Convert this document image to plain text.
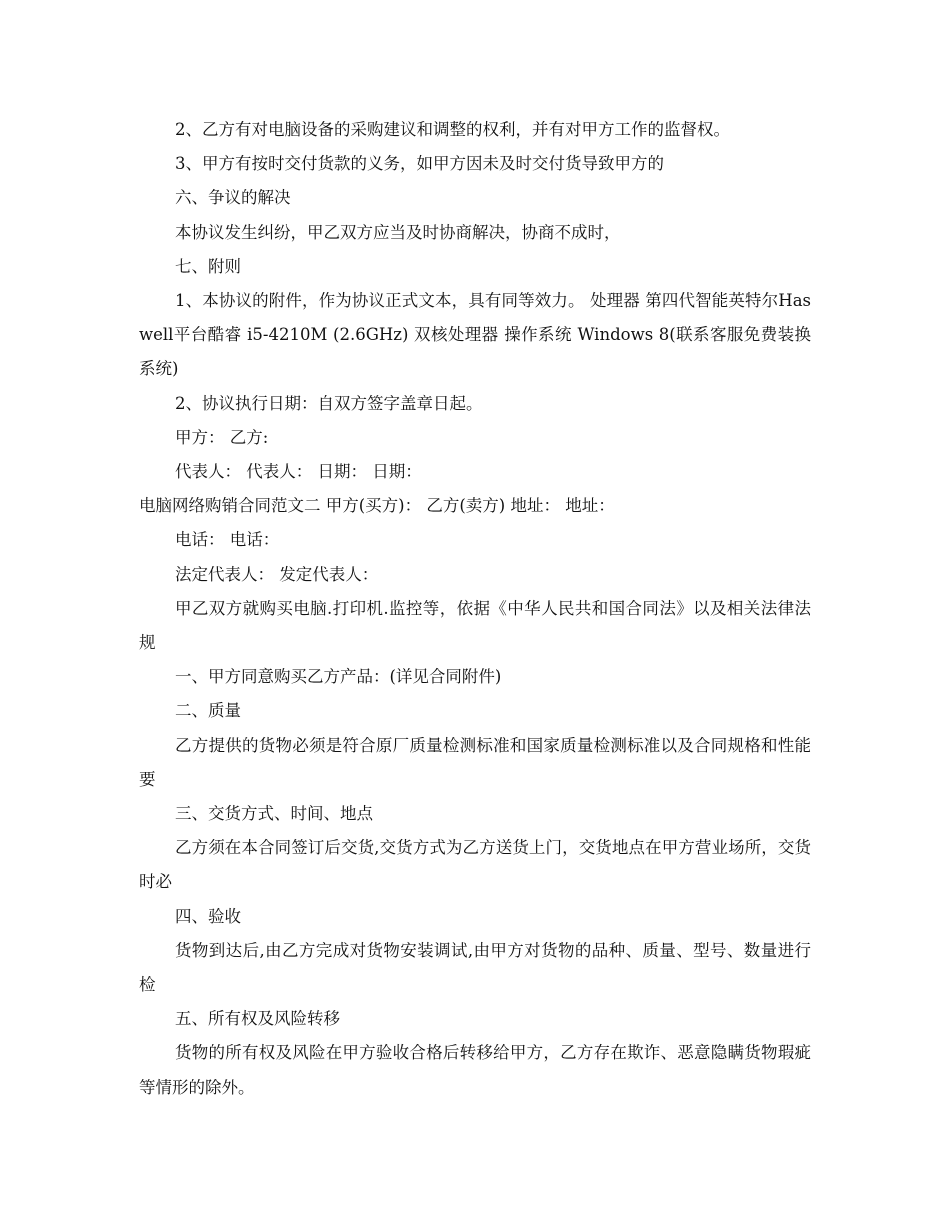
2、乙方有对电脑设备的采购建议和调整的权利，并有对甲方工作的监督权。

3、甲方有按时交付货款的义务，如甲方因未及时交付货导致甲方的

六、争议的解决

本协议发生纠纷，甲乙双方应当及时协商解决，协商不成时，

七、附则

1、本协议的附件，作为协议正式文本，具有同等效力。 处理器 第四代智能英特尔Haswell平台酷睿 i5-4210M (2.6GHz) 双核处理器 操作系统 Windows 8(联系客服免费装换系统)

2、协议执行日期：自双方签字盖章日起。

甲方： 乙方:

代表人： 代表人： 日期： 日期：

电脑网络购销合同范文二 甲方(买方)： 乙方(卖方) 地址： 地址：

电话： 电话：

法定代表人： 发定代表人：

甲乙双方就购买电脑.打印机.监控等，依据《中华人民共和国合同法》以及相关法律法规

一、甲方同意购买乙方产品：(详见合同附件)

二、质量

乙方提供的货物必须是符合原厂质量检测标准和国家质量检测标准以及合同规格和性能要

三、交货方式、时间、地点

乙方须在本合同签订后交货,交货方式为乙方送货上门，交货地点在甲方营业场所，交货时必

四、验收

货物到达后,由乙方完成对货物安装调试,由甲方对货物的品种、质量、型号、数量进行检

五、所有权及风险转移

货物的所有权及风险在甲方验收合格后转移给甲方，乙方存在欺诈、恶意隐瞒货物瑕疵等情形的除外。
